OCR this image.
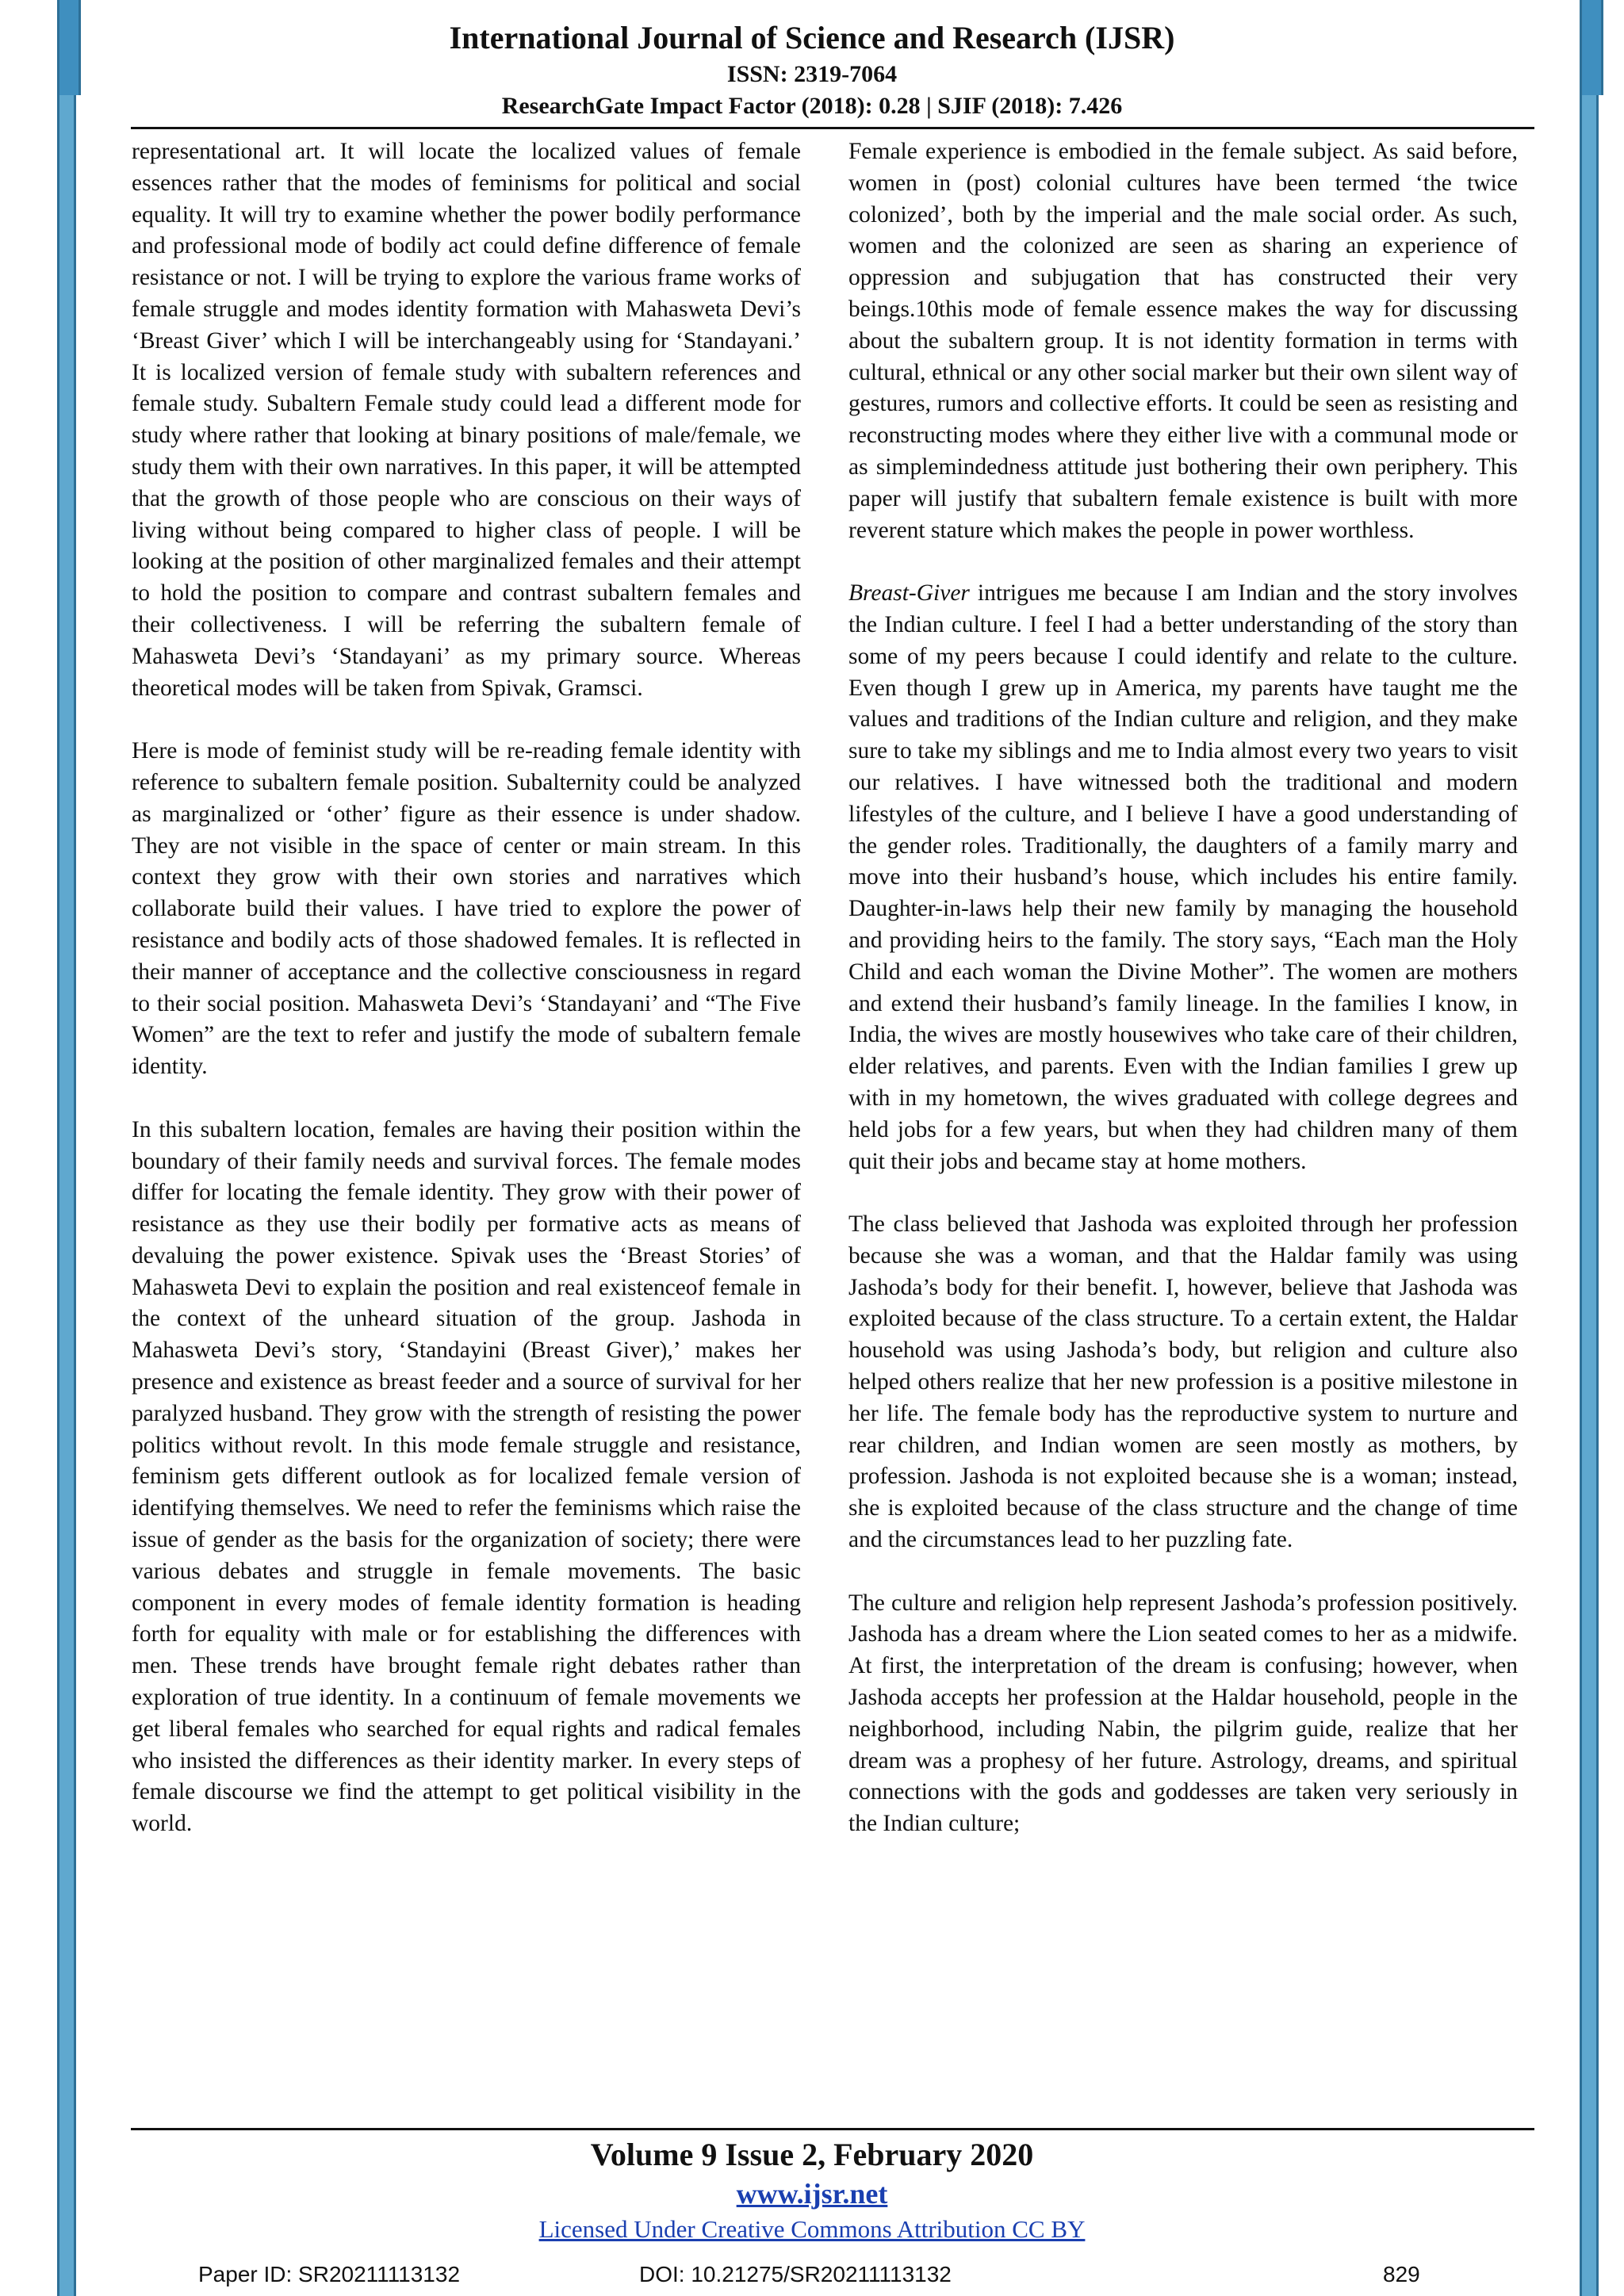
International Journal of Science and Research (IJSR)
ISSN: 2319-7064
ResearchGate Impact Factor (2018): 0.28 | SJIF (2018): 7.426

representational art. It will locate the localized values of female essences rather that the modes of feminisms for political and social equality. It will try to examine whether the power bodily performance and professional mode of bodily act could define difference of female resistance or not. I will be trying to explore the various frame works of female struggle and modes identity formation with Mahasweta Devi’s ‘Breast Giver’ which I will be interchangeably using for ‘Standayani.’ It is localized version of female study with subaltern references and female study. Subaltern Female study could lead a different mode for study where rather that looking at binary positions of male/female, we study them with their own narratives. In this paper, it will be attempted that the growth of those people who are conscious on their ways of living without being compared to higher class of people. I will be looking at the position of other marginalized females and their attempt to hold the position to compare and contrast subaltern females and their collectiveness. I will be referring the subaltern female of Mahasweta Devi’s ‘Standayani’ as my primary source. Whereas theoretical modes will be taken from Spivak, Gramsci.

Here is mode of feminist study will be re-reading female identity with reference to subaltern female position. Subalternity could be analyzed as marginalized or ‘other’ figure as their essence is under shadow. They are not visible in the space of center or main stream. In this context they grow with their own stories and narratives which collaborate build their values. I have tried to explore the power of resistance and bodily acts of those shadowed females. It is reflected in their manner of acceptance and the collective consciousness in regard to their social position. Mahasweta Devi’s ‘Standayani’ and “The Five Women” are the text to refer and justify the mode of subaltern female identity.

In this subaltern location, females are having their position within the boundary of their family needs and survival forces. The female modes differ for locating the female identity. They grow with their power of resistance as they use their bodily per formative acts as means of devaluing the power existence. Spivak uses the ‘Breast Stories’ of Mahasweta Devi to explain the position and real existenceof female in the context of the unheard situation of the group. Jashoda in Mahasweta Devi’s story, ‘Standayini (Breast Giver),’ makes her presence and existence as breast feeder and a source of survival for her paralyzed husband. They grow with the strength of resisting the power politics without revolt. In this mode female struggle and resistance, feminism gets different outlook as for localized female version of identifying themselves. We need to refer the feminisms which raise the issue of gender as the basis for the organization of society; there were various debates and struggle in female movements. The basic component in every modes of female identity formation is heading forth for equality with male or for establishing the differences with men. These trends have brought female right debates rather than exploration of true identity. In a continuum of female movements we get liberal females who searched for equal rights and radical females who insisted the differences as their identity marker. In every steps of female discourse we find the attempt to get political visibility in the world.

Female experience is embodied in the female subject. As said before, women in (post) colonial cultures have been termed ‘the twice colonized’, both by the imperial and the male social order. As such, women and the colonized are seen as sharing an experience of oppression and subjugation that has constructed their very beings.10this mode of female essence makes the way for discussing about the subaltern group. It is not identity formation in terms with cultural, ethnical or any other social marker but their own silent way of gestures, rumors and collective efforts. It could be seen as resisting and reconstructing modes where they either live with a communal mode or as simplemindedness attitude just bothering their own periphery. This paper will justify that subaltern female existence is built with more reverent stature which makes the people in power worthless.

Breast-Giver intrigues me because I am Indian and the story involves the Indian culture. I feel I had a better understanding of the story than some of my peers because I could identify and relate to the culture. Even though I grew up in America, my parents have taught me the values and traditions of the Indian culture and religion, and they make sure to take my siblings and me to India almost every two years to visit our relatives. I have witnessed both the traditional and modern lifestyles of the culture, and I believe I have a good understanding of the gender roles. Traditionally, the daughters of a family marry and move into their husband’s house, which includes his entire family. Daughter-in-laws help their new family by managing the household and providing heirs to the family. The story says, “Each man the Holy Child and each woman the Divine Mother”. The women are mothers and extend their husband’s family lineage. In the families I know, in India, the wives are mostly housewives who take care of their children, elder relatives, and parents. Even with the Indian families I grew up with in my hometown, the wives graduated with college degrees and held jobs for a few years, but when they had children many of them quit their jobs and became stay at home mothers.

The class believed that Jashoda was exploited through her profession because she was a woman, and that the Haldar family was using Jashoda’s body for their benefit. I, however, believe that Jashoda was exploited because of the class structure. To a certain extent, the Haldar household was using Jashoda’s body, but religion and culture also helped others realize that her new profession is a positive milestone in her life. The female body has the reproductive system to nurture and rear children, and Indian women are seen mostly as mothers, by profession. Jashoda is not exploited because she is a woman; instead, she is exploited because of the class structure and the change of time and the circumstances lead to her puzzling fate.

The culture and religion help represent Jashoda’s profession positively. Jashoda has a dream where the Lion seated comes to her as a midwife. At first, the interpretation of the dream is confusing; however, when Jashoda accepts her profession at the Haldar household, people in the neighborhood, including Nabin, the pilgrim guide, realize that her dream was a prophesy of her future. Astrology, dreams, and spiritual connections with the gods and goddesses are taken very seriously in the Indian culture;

Volume 9 Issue 2, February 2020
www.ijsr.net
Licensed Under Creative Commons Attribution CC BY
Paper ID: SR20211113132	DOI: 10.21275/SR20211113132	829
